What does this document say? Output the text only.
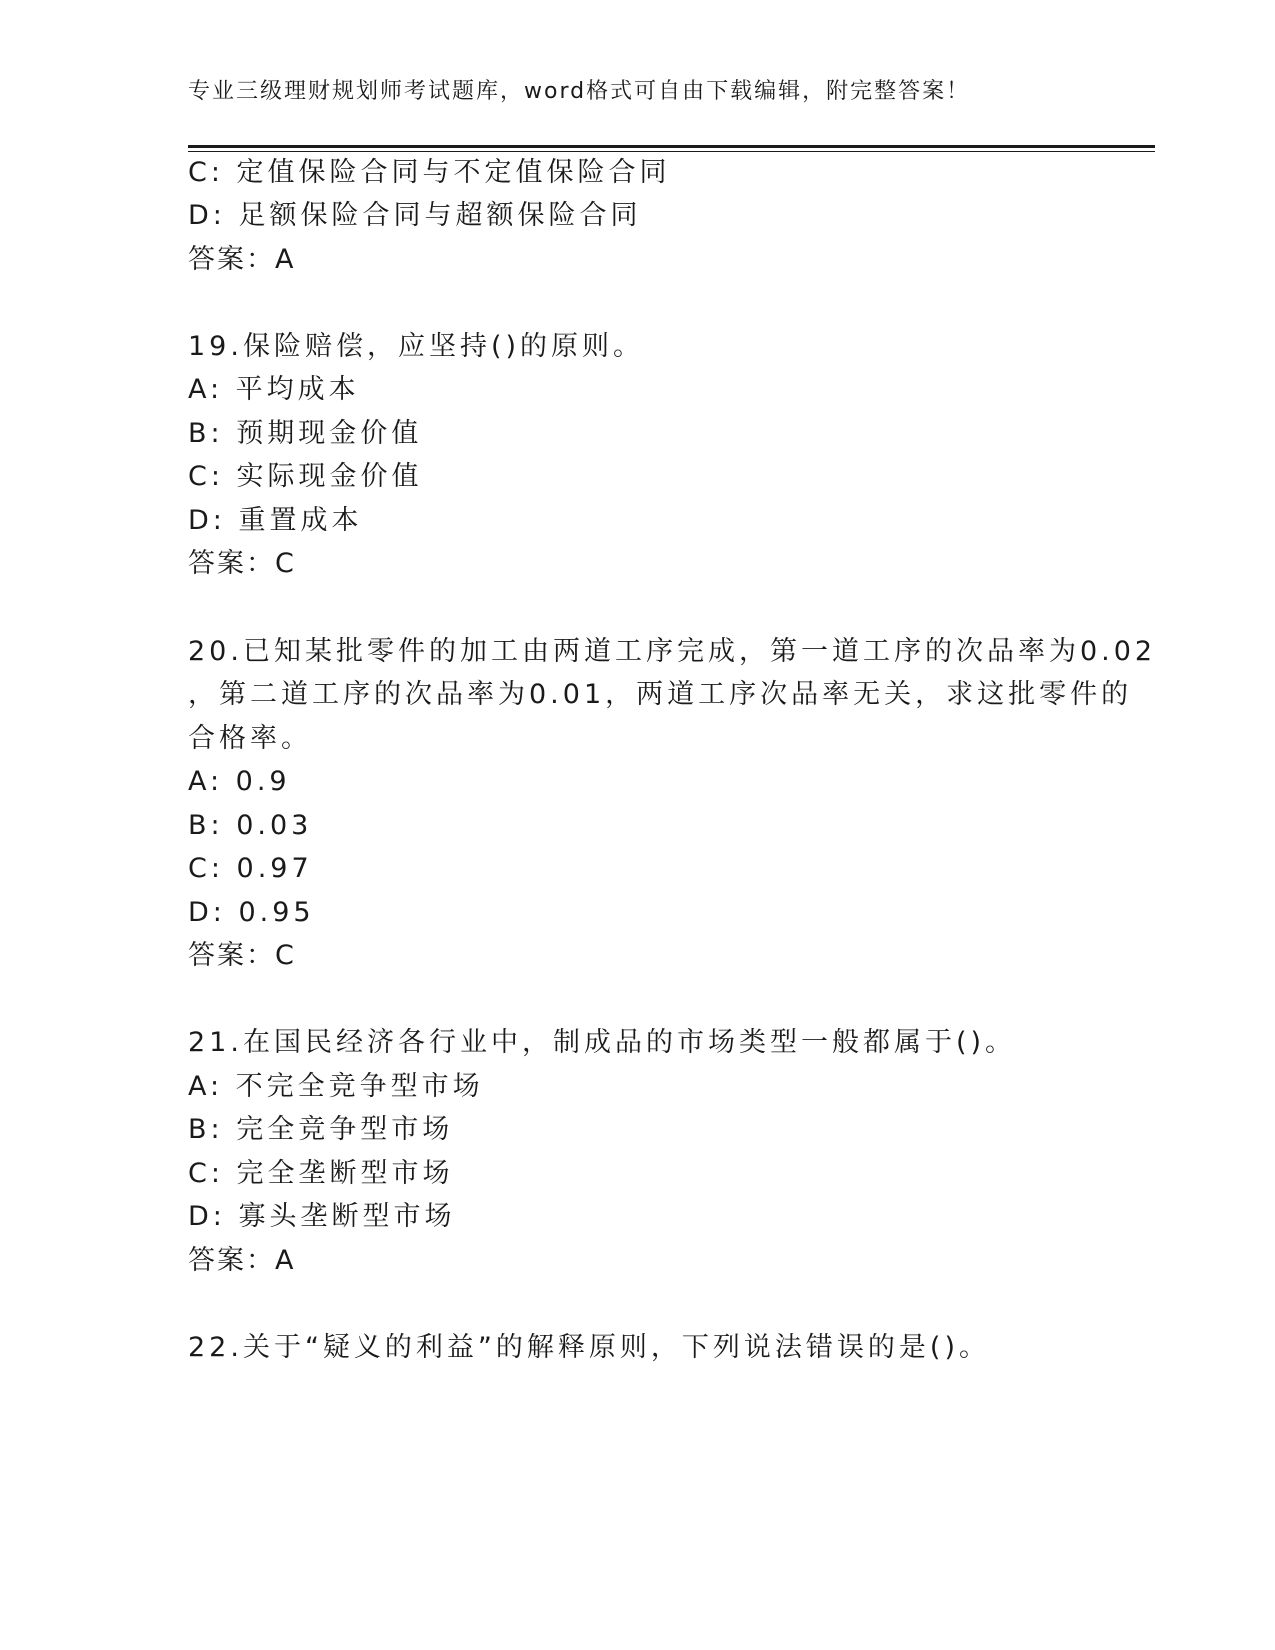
专业三级理财规划师考试题库，word格式可自由下载编辑，附完整答案！
C: 定值保险合同与不定值保险合同
D: 足额保险合同与超额保险合同
答案：A
19.保险赔偿，应坚持()的原则。
A: 平均成本
B: 预期现金价值
C: 实际现金价值
D: 重置成本
答案：C
20.已知某批零件的加工由两道工序完成，第一道工序的次品率为0.02
，第二道工序的次品率为0.01，两道工序次品率无关，求这批零件的
合格率。
A: 0.9
B: 0.03
C: 0.97
D: 0.95
答案：C
21.在国民经济各行业中，制成品的市场类型一般都属于()。
A: 不完全竞争型市场
B: 完全竞争型市场
C: 完全垄断型市场
D: 寡头垄断型市场
答案：A
22.关于“疑义的利益”的解释原则，下列说法错误的是()。
